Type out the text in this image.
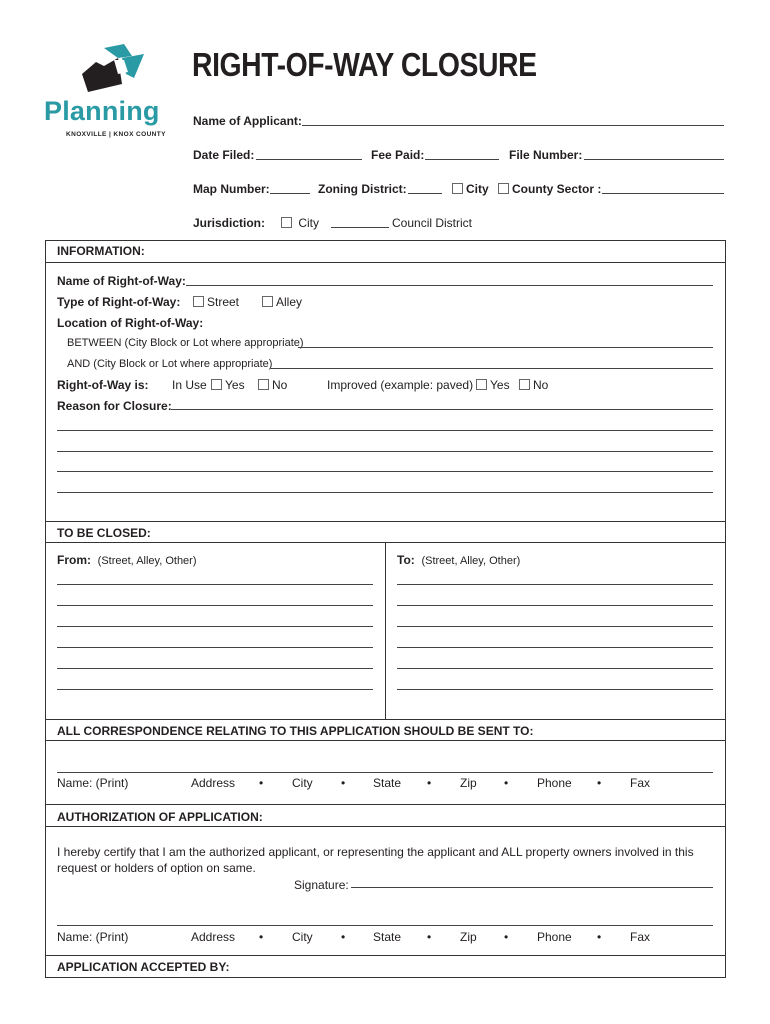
Planning
KNOXVILLE | KNOX COUNTY
RIGHT-OF-WAY CLOSURE
Name of Applicant:
Date Filed:	Fee Paid:	File Number:
Map Number:	Zoning District:	City	County Sector :
Jurisdiction:	City	Council District
INFORMATION:
Name of Right-of-Way:
Type of Right-of-Way:	Street	Alley
Location of Right-of-Way:
BETWEEN (City Block or Lot where appropriate)
AND (City Block or Lot where appropriate)
Right-of-Way is: In Use	Yes	No	Improved (example: paved)	Yes	No
Reason for Closure:
TO BE CLOSED:
From: (Street, Alley, Other)	To: (Street, Alley, Other)
ALL CORRESPONDENCE RELATING TO THIS APPLICATION SHOULD BE SENT TO:
Name: (Print)	Address • City • State • Zip • Phone • Fax
AUTHORIZATION OF APPLICATION:
I hereby certify that I am the authorized applicant, or representing the applicant and ALL property owners involved in this request or holders of option on same.
Signature:
Name: (Print)	Address • City • State • Zip • Phone • Fax
APPLICATION ACCEPTED BY:
